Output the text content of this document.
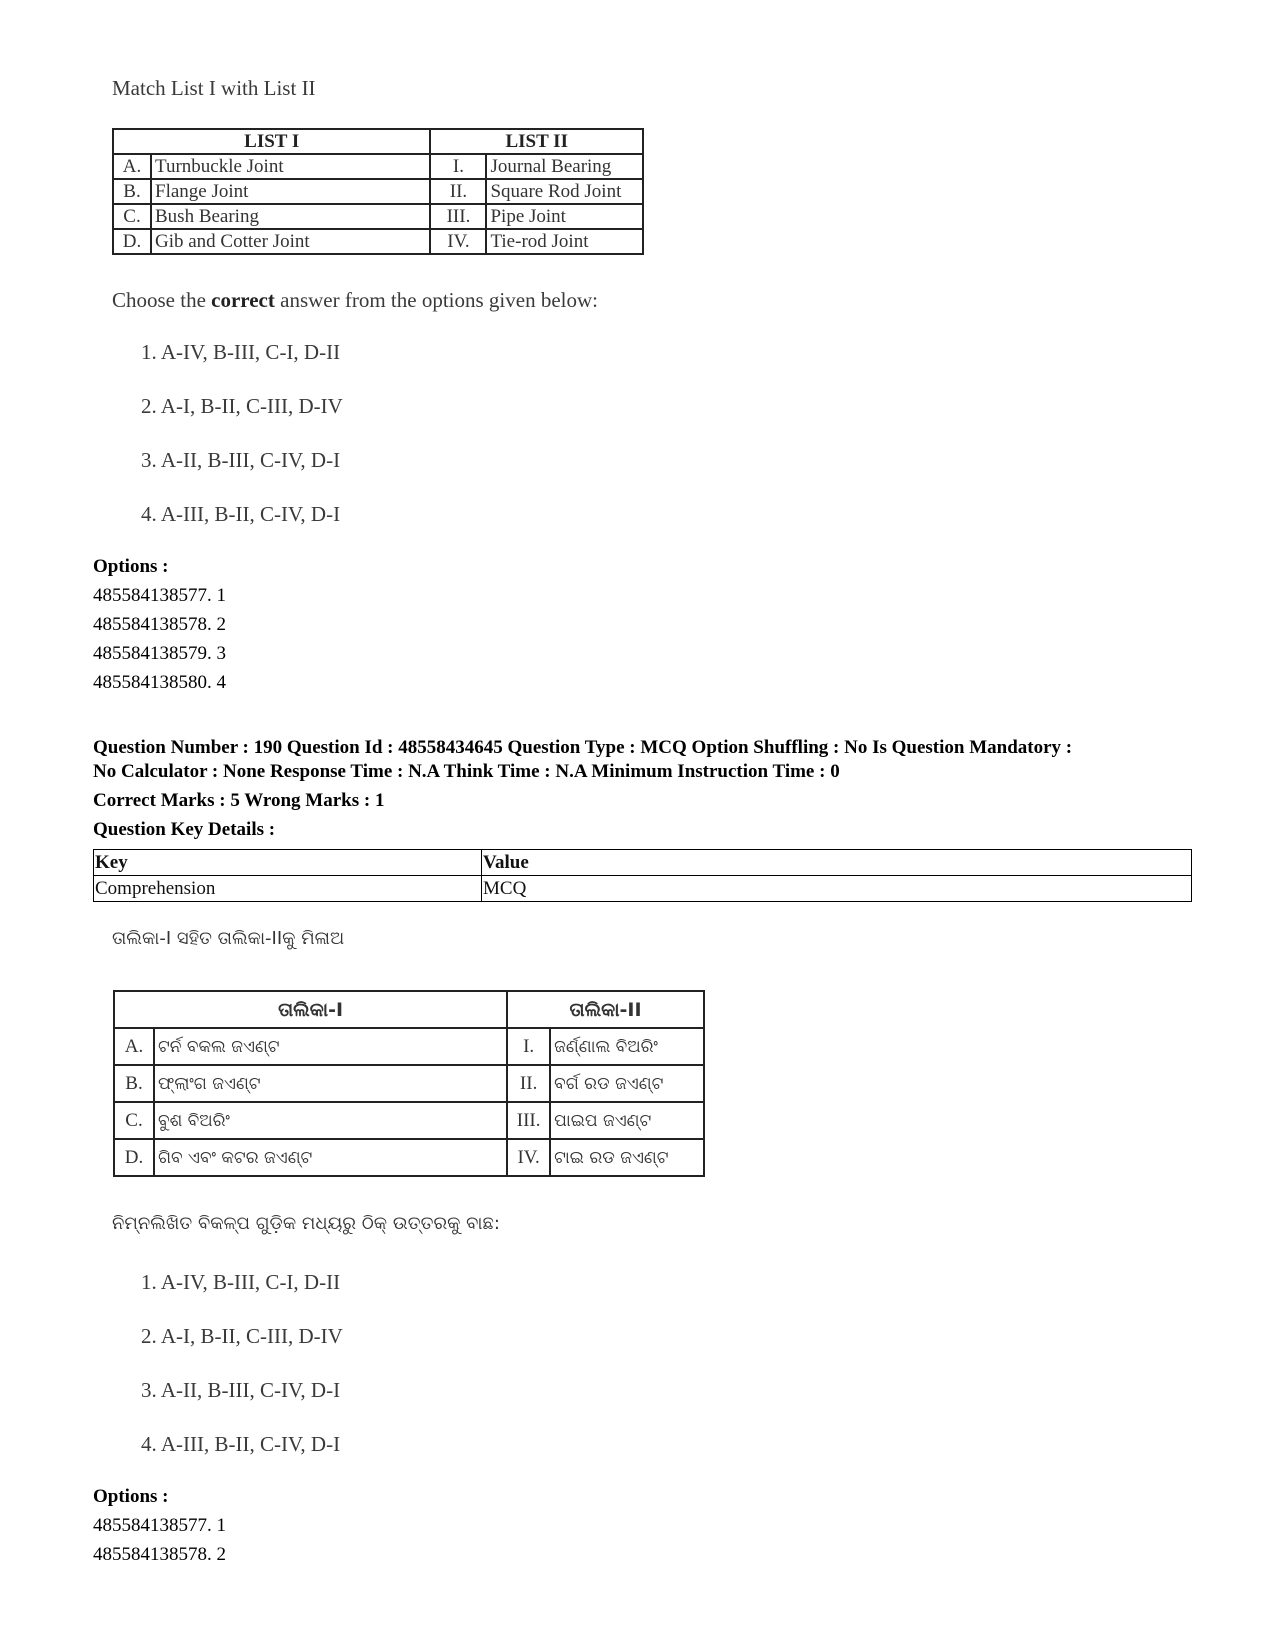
Match List I with List II
LIST I		LIST II	
A.	Turnbuckle Joint	I.	Journal Bearing
B.	Flange Joint	II.	Square Rod Joint
C.	Bush Bearing	III.	Pipe Joint
D.	Gib and Cotter Joint	IV.	Tie-rod Joint
Choose the correct answer from the options given below:
1. A-IV, B-III, C-I, D-II
2. A-I, B-II, C-III, D-IV
3. A-II, B-III, C-IV, D-I
4. A-III, B-II, C-IV, D-I
Options :
485584138577. 1
485584138578. 2
485584138579. 3
485584138580. 4
Question Number : 190 Question Id : 48558434645 Question Type : MCQ Option Shuffling : No Is Question Mandatory :
No Calculator : None Response Time : N.A Think Time : N.A Minimum Instruction Time : 0
Correct Marks : 5 Wrong Marks : 1
Question Key Details :
Key	Value
Comprehension	MCQ
ତାଲିକା-I ସହିତ ତାଲିକା-IIକୁ ମିଳାଅ
ତାଲିକା-I		ତାଲିକା-II	
A.	ଟର୍ନ ବକଲ ଜଏଣ୍ଟ	I.	ଜର୍ଣ୍ଣାଲ ବିଅରିଂ
B.	ଫ୍ଲାଂଗ ଜଏଣ୍ଟ	II.	ବର୍ଗ ରଡ ଜଏଣ୍ଟ
C.	ବୁଶ ବିଅରିଂ	III.	ପାଇପ ଜଏଣ୍ଟ
D.	ଗିବ ଏବଂ କଟର ଜଏଣ୍ଟ	IV.	ଟାଇ ରଡ ଜଏଣ୍ଟ
ନିମ୍ନଲିଖିତ ବିକଳ୍ପ ଗୁଡ଼ିକ ମଧ୍ୟରୁ ଠିକ୍ ଉତ୍ତରକୁ ବାଛ:
1. A-IV, B-III, C-I, D-II
2. A-I, B-II, C-III, D-IV
3. A-II, B-III, C-IV, D-I
4. A-III, B-II, C-IV, D-I
Options :
485584138577. 1
485584138578. 2
